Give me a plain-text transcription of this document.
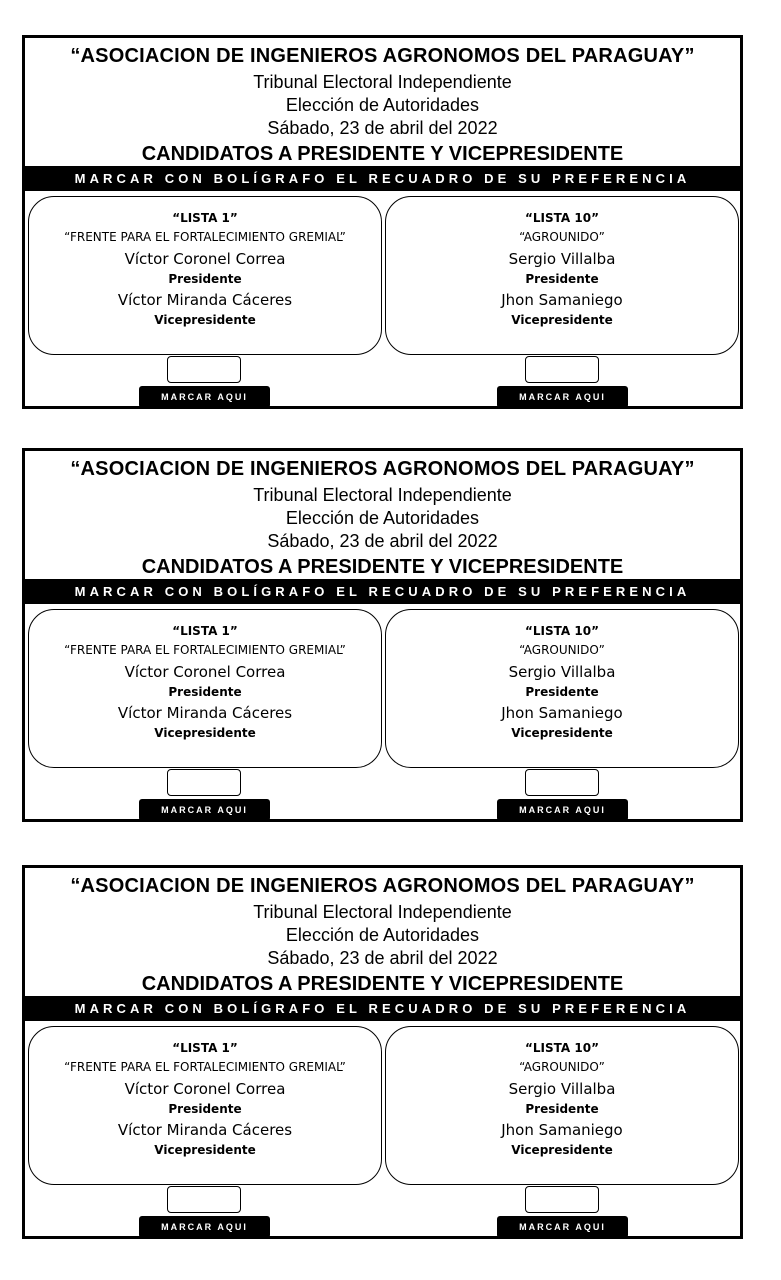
“ASOCIACION DE INGENIEROS AGRONOMOS DEL PARAGUAY”
Tribunal Electoral Independiente
Elección de Autoridades
Sábado, 23 de abril del 2022
CANDIDATOS A PRESIDENTE Y VICEPRESIDENTE
MARCAR CON BOLÍGRAFO EL RECUADRO DE SU PREFERENCIA
“LISTA 1”
“FRENTE PARA EL FORTALECIMIENTO GREMIAL”
Víctor Coronel Correa
Presidente
Víctor Miranda Cáceres
Vicepresidente
“LISTA 10”
“AGROUNIDO”
Sergio Villalba
Presidente
Jhon Samaniego
Vicepresidente
MARCAR AQUI	MARCAR AQUI
“ASOCIACION DE INGENIEROS AGRONOMOS DEL PARAGUAY”
Tribunal Electoral Independiente
Elección de Autoridades
Sábado, 23 de abril del 2022
CANDIDATOS A PRESIDENTE Y VICEPRESIDENTE
MARCAR CON BOLÍGRAFO EL RECUADRO DE SU PREFERENCIA
“LISTA 1”
“FRENTE PARA EL FORTALECIMIENTO GREMIAL”
Víctor Coronel Correa
Presidente
Víctor Miranda Cáceres
Vicepresidente
“LISTA 10”
“AGROUNIDO”
Sergio Villalba
Presidente
Jhon Samaniego
Vicepresidente
MARCAR AQUI	MARCAR AQUI
“ASOCIACION DE INGENIEROS AGRONOMOS DEL PARAGUAY”
Tribunal Electoral Independiente
Elección de Autoridades
Sábado, 23 de abril del 2022
CANDIDATOS A PRESIDENTE Y VICEPRESIDENTE
MARCAR CON BOLÍGRAFO EL RECUADRO DE SU PREFERENCIA
“LISTA 1”
“FRENTE PARA EL FORTALECIMIENTO GREMIAL”
Víctor Coronel Correa
Presidente
Víctor Miranda Cáceres
Vicepresidente
“LISTA 10”
“AGROUNIDO”
Sergio Villalba
Presidente
Jhon Samaniego
Vicepresidente
MARCAR AQUI	MARCAR AQUI
